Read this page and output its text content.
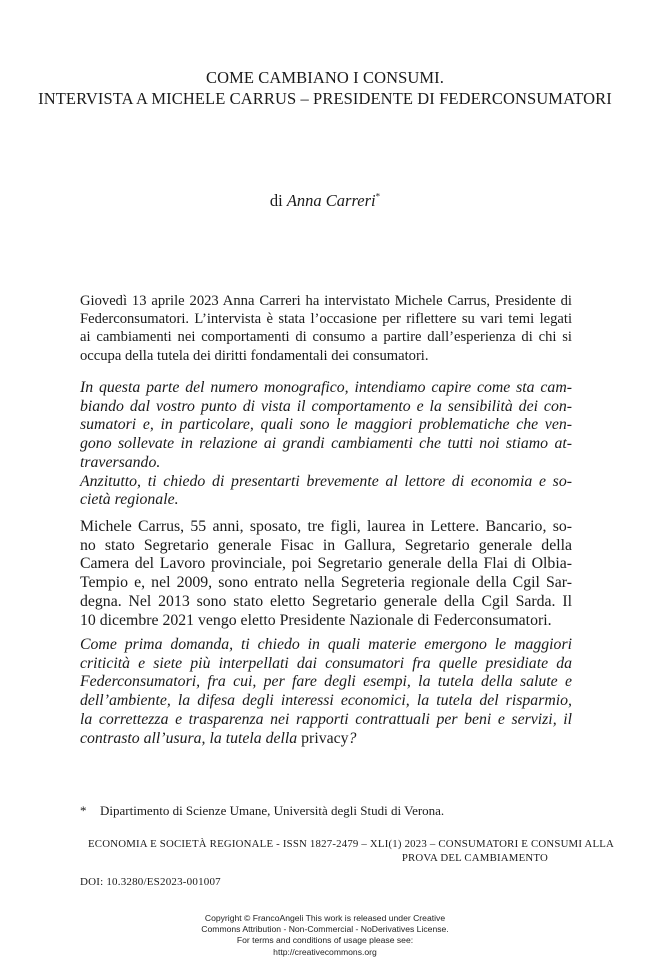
COME CAMBIANO I CONSUMI.
INTERVISTA A MICHELE CARRUS – PRESIDENTE DI FEDERCONSUMATORI
di Anna Carreri*
Giovedì 13 aprile 2023 Anna Carreri ha intervistato Michele Carrus, Presidente di
Federconsumatori. L’intervista è stata l’occasione per riflettere su vari temi legati
ai cambiamenti nei comportamenti di consumo a partire dall’esperienza di chi si
occupa della tutela dei diritti fondamentali dei consumatori.
In questa parte del numero monografico, intendiamo capire come sta cam-
biando dal vostro punto di vista il comportamento e la sensibilità dei con-
sumatori e, in particolare, quali sono le maggiori problematiche che ven-
gono sollevate in relazione ai grandi cambiamenti che tutti noi stiamo at-
traversando.
Anzitutto, ti chiedo di presentarti brevemente al lettore di economia e so-
cietà regionale.
Michele Carrus, 55 anni, sposato, tre figli, laurea in Lettere. Bancario, so-
no stato Segretario generale Fisac in Gallura, Segretario generale della
Camera del Lavoro provinciale, poi Segretario generale della Flai di Olbia-
Tempio e, nel 2009, sono entrato nella Segreteria regionale della Cgil Sar-
degna. Nel 2013 sono stato eletto Segretario generale della Cgil Sarda. Il
10 dicembre 2021 vengo eletto Presidente Nazionale di Federconsumatori.
Come prima domanda, ti chiedo in quali materie emergono le maggiori
criticità e siete più interpellati dai consumatori fra quelle presidiate da
Federconsumatori, fra cui, per fare degli esempi, la tutela della salute e
dell’ambiente, la difesa degli interessi economici, la tutela del risparmio,
la correttezza e trasparenza nei rapporti contrattuali per beni e servizi, il
contrasto all’usura, la tutela della privacy?
* Dipartimento di Scienze Umane, Università degli Studi di Verona.
ECONOMIA E SOCIETÀ REGIONALE - ISSN 1827-2479 – XLI(1) 2023 – CONSUMATORI E CONSUMI ALLA
PROVA DEL CAMBIAMENTO
DOI: 10.3280/ES2023-001007
Copyright © FrancoAngeli This work is released under Creative
Commons Attribution - Non-Commercial - NoDerivatives License.
For terms and conditions of usage please see:
http://creativecommons.org
